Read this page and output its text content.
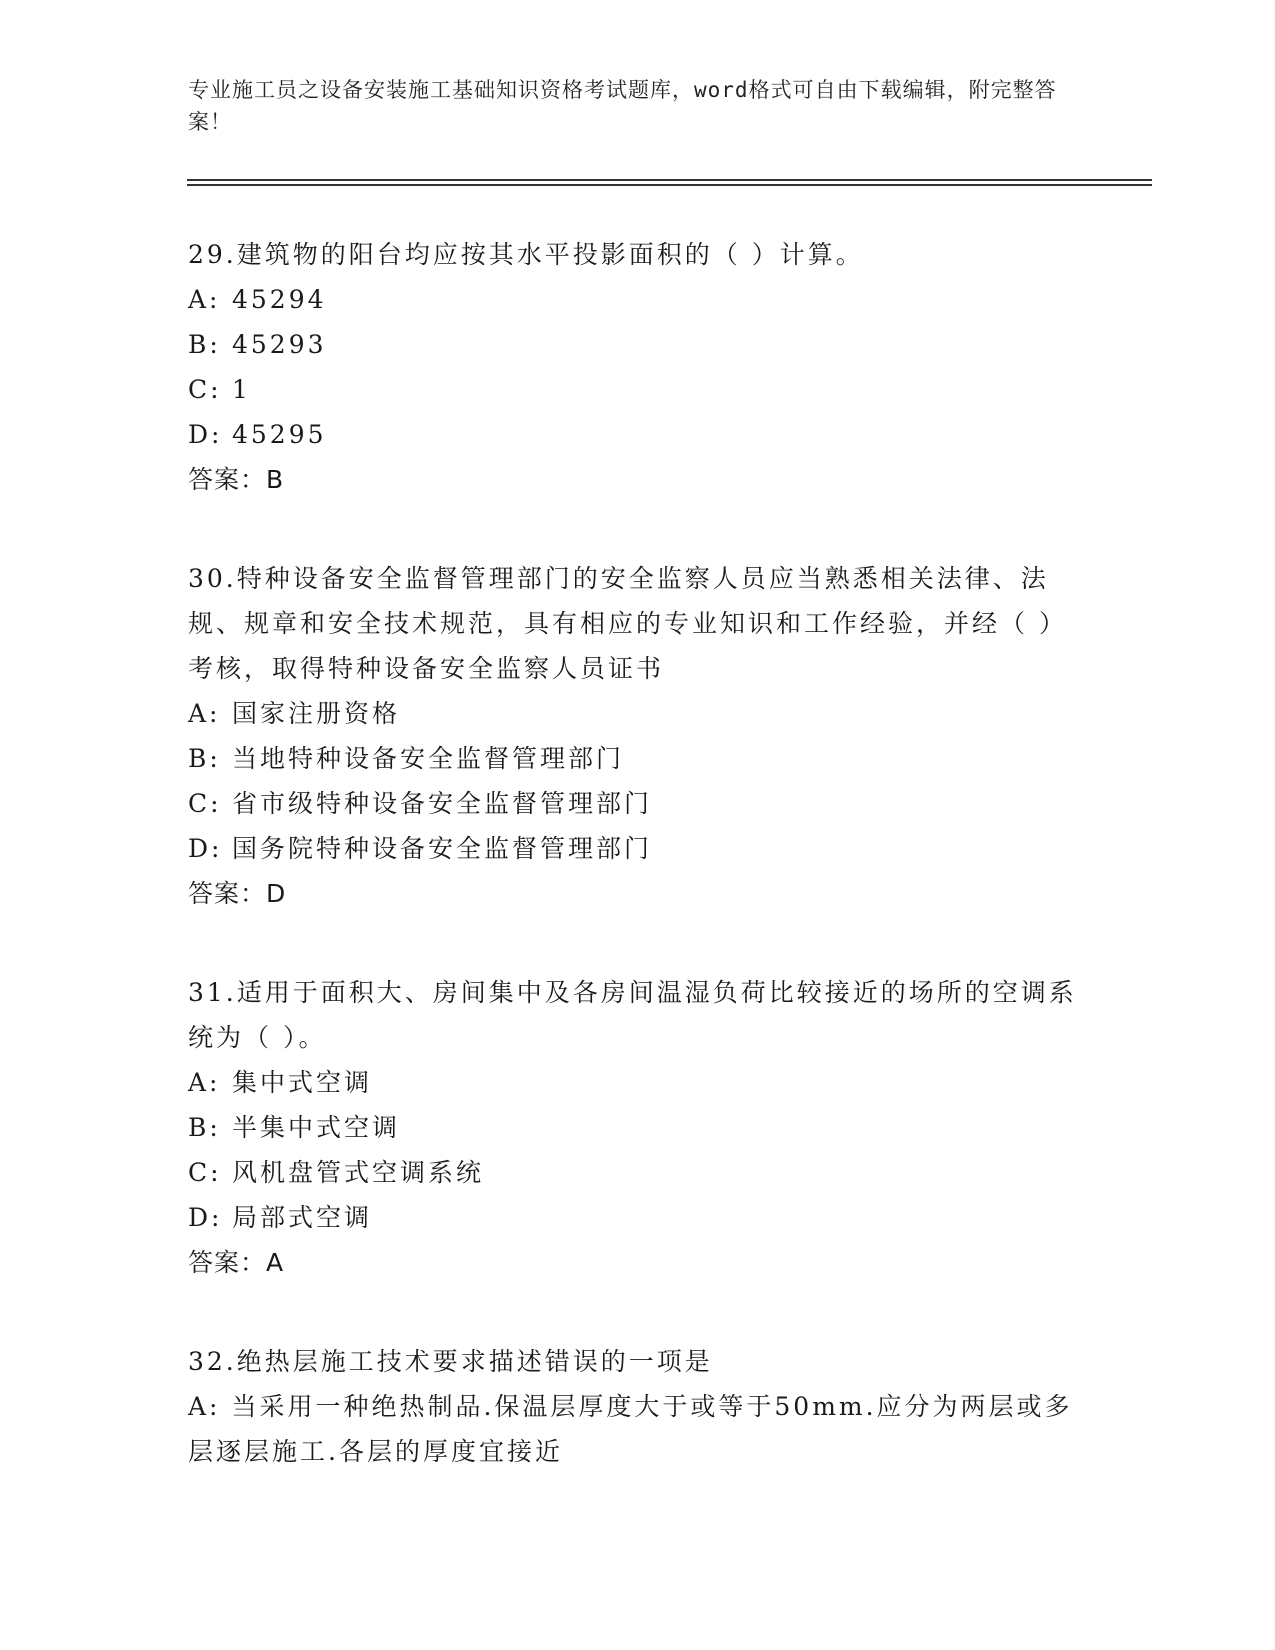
专业施工员之设备安装施工基础知识资格考试题库，word格式可自由下载编辑，附完整答案！

29.建筑物的阳台均应按其水平投影面积的（ ）计算。

A: 45294

B: 45293

C: 1

D: 45295

答案：B

30.特种设备安全监督管理部门的安全监察人员应当熟悉相关法律、法规、规章和安全技术规范，具有相应的专业知识和工作经验，并经（ ）考核，取得特种设备安全监察人员证书

A: 国家注册资格

B: 当地特种设备安全监督管理部门

C: 省市级特种设备安全监督管理部门

D: 国务院特种设备安全监督管理部门

答案：D

31.适用于面积大、房间集中及各房间温湿负荷比较接近的场所的空调系统为（ ）。

A: 集中式空调

B: 半集中式空调

C: 风机盘管式空调系统

D: 局部式空调

答案：A

32.绝热层施工技术要求描述错误的一项是

A: 当采用一种绝热制品.保温层厚度大于或等于50mm.应分为两层或多层逐层施工.各层的厚度宜接近
